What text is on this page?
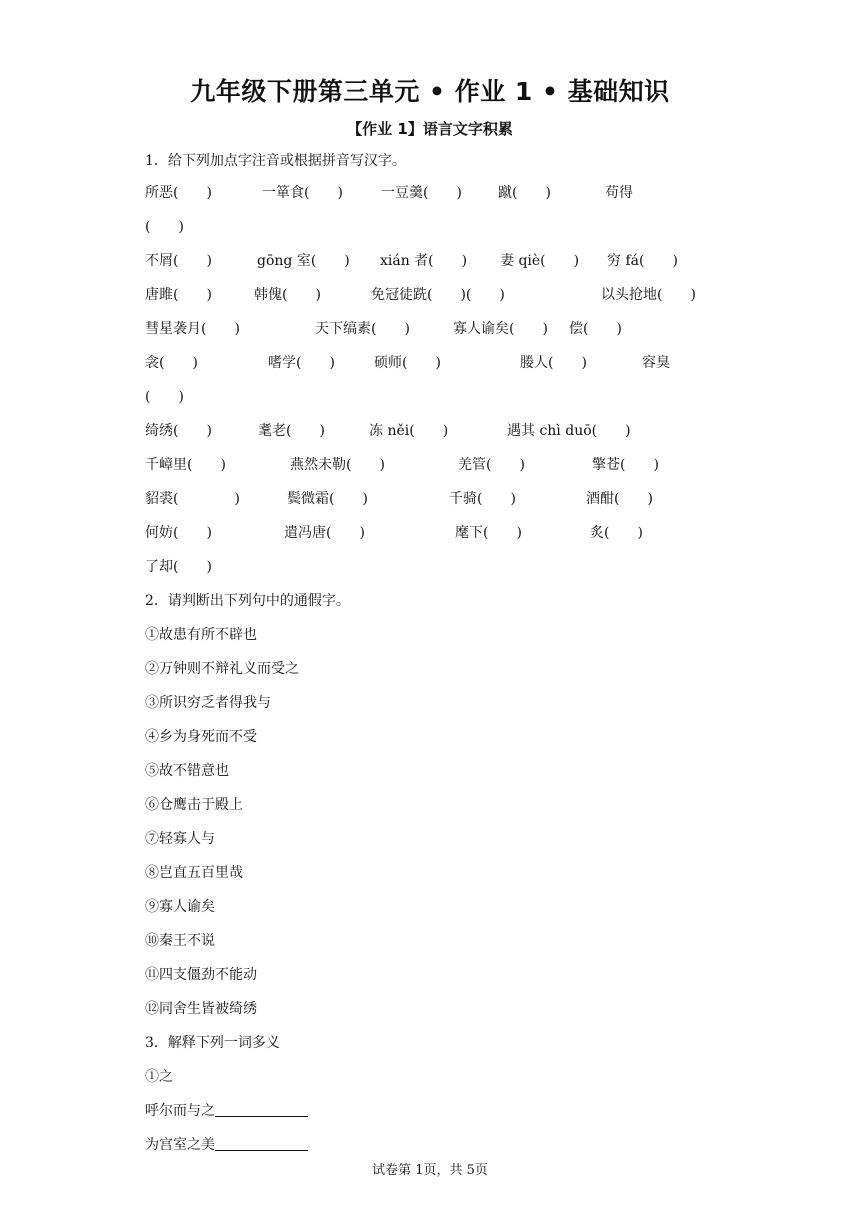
九年级下册第三单元 • 作业 1 • 基础知识
【作业 1】语言文字积累
1．给下列加点字注音或根据拼音写汉字。
所恶(　　)	一箪食(　　)	一豆羹(　　)	蹴(　　)	苟得
(　　)
不屑(　　)	gōng 室(　　) xián 者(　　) 妻 qiè(　　) 穷 fá(　　)
唐雎(　　)	韩傀(　　)	免冠徒跣(　　)(　　)	以头抢地(　　)
彗星袭月(　　)	天下缟素(　　)	寡人谕矣(　　) 偿(　　)
衾(　　)	嗜学(　　)	硕师(　　)	媵人(　　)	容臭
(　　)
绮绣(　　)	耄老(　　)	冻 něi(　　)	遇其 chì duō(　　)
千嶂里(　　)	燕然未勒(　　)	羌管(　　)	擎苍(　　)
貂裘(　　　　)	鬓微霜(　　)	千骑(　　)	酒酣(　　)
何妨(　　)	遣冯唐(　　)	麾下(　　)	炙(　　)
了却(　　)
2．请判断出下列句中的通假字。
①故患有所不辟也
②万钟则不辩礼义而受之
③所识穷乏者得我与
④乡为身死而不受
⑤故不错意也
⑥仓鹰击于殿上
⑦轻寡人与
⑧岂直五百里哉
⑨寡人谕矣
⑩秦王不说
⑪四支僵劲不能动
⑫同舍生皆被绮绣
3．解释下列一词多义
①之
呼尔而与之
为宫室之美
试卷第 1页，共 5页
